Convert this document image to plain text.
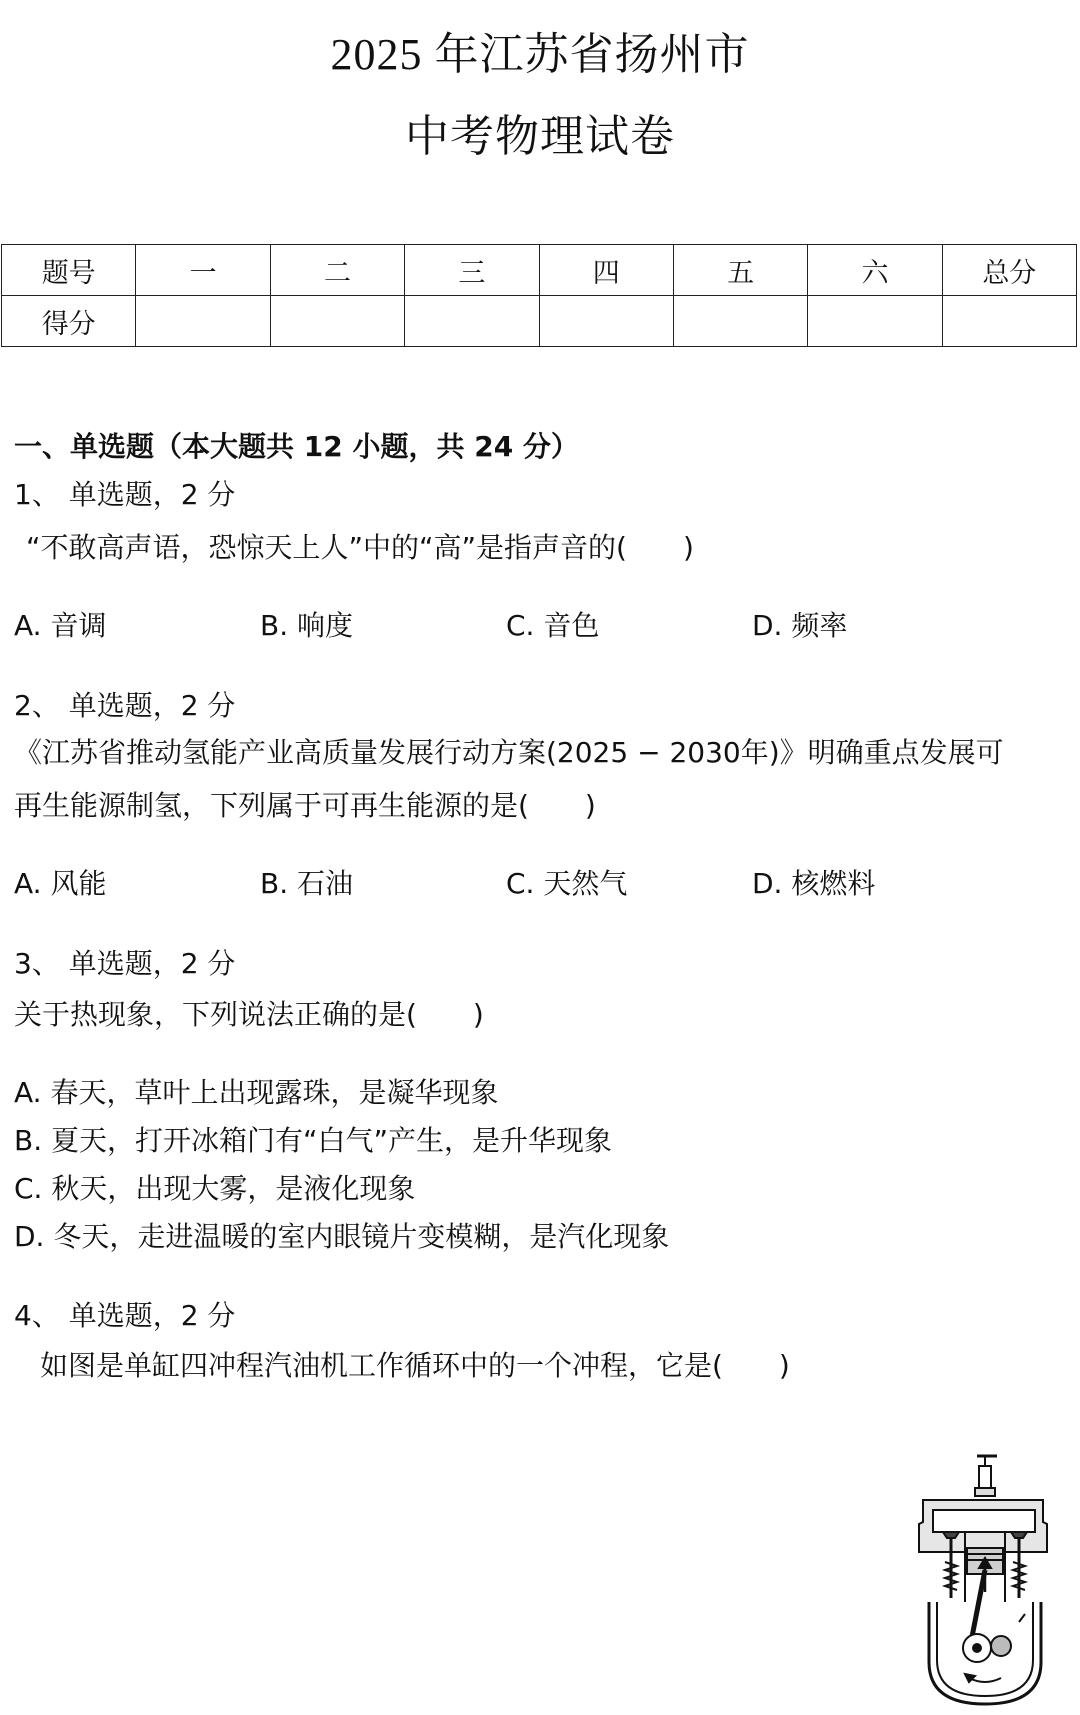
2025 年江苏省扬州市
中考物理试卷
题号	一	二	三	四	五	六	总分
得分							
一、单选题（本大题共 12 小题，共 24 分）
1、 单选题，2 分
“不敢高声语，恐惊天上人”中的“高”是指声音的(　　)
A. 音调	B. 响度	C. 音色	D. 频率
2、 单选题，2 分
《江苏省推动氢能产业高质量发展行动方案(2025 − 2030年)》明确重点发展可
再生能源制氢，下列属于可再生能源的是(　　)
A. 风能	B. 石油	C. 天然气	D. 核燃料
3、 单选题，2 分
关于热现象，下列说法正确的是(　　)
A. 春天，草叶上出现露珠，是凝华现象
B. 夏天，打开冰箱门有“白气”产生，是升华现象
C. 秋天，出现大雾，是液化现象
D. 冬天，走进温暖的室内眼镜片变模糊，是汽化现象
4、 单选题，2 分
如图是单缸四冲程汽油机工作循环中的一个冲程，它是(　　)
